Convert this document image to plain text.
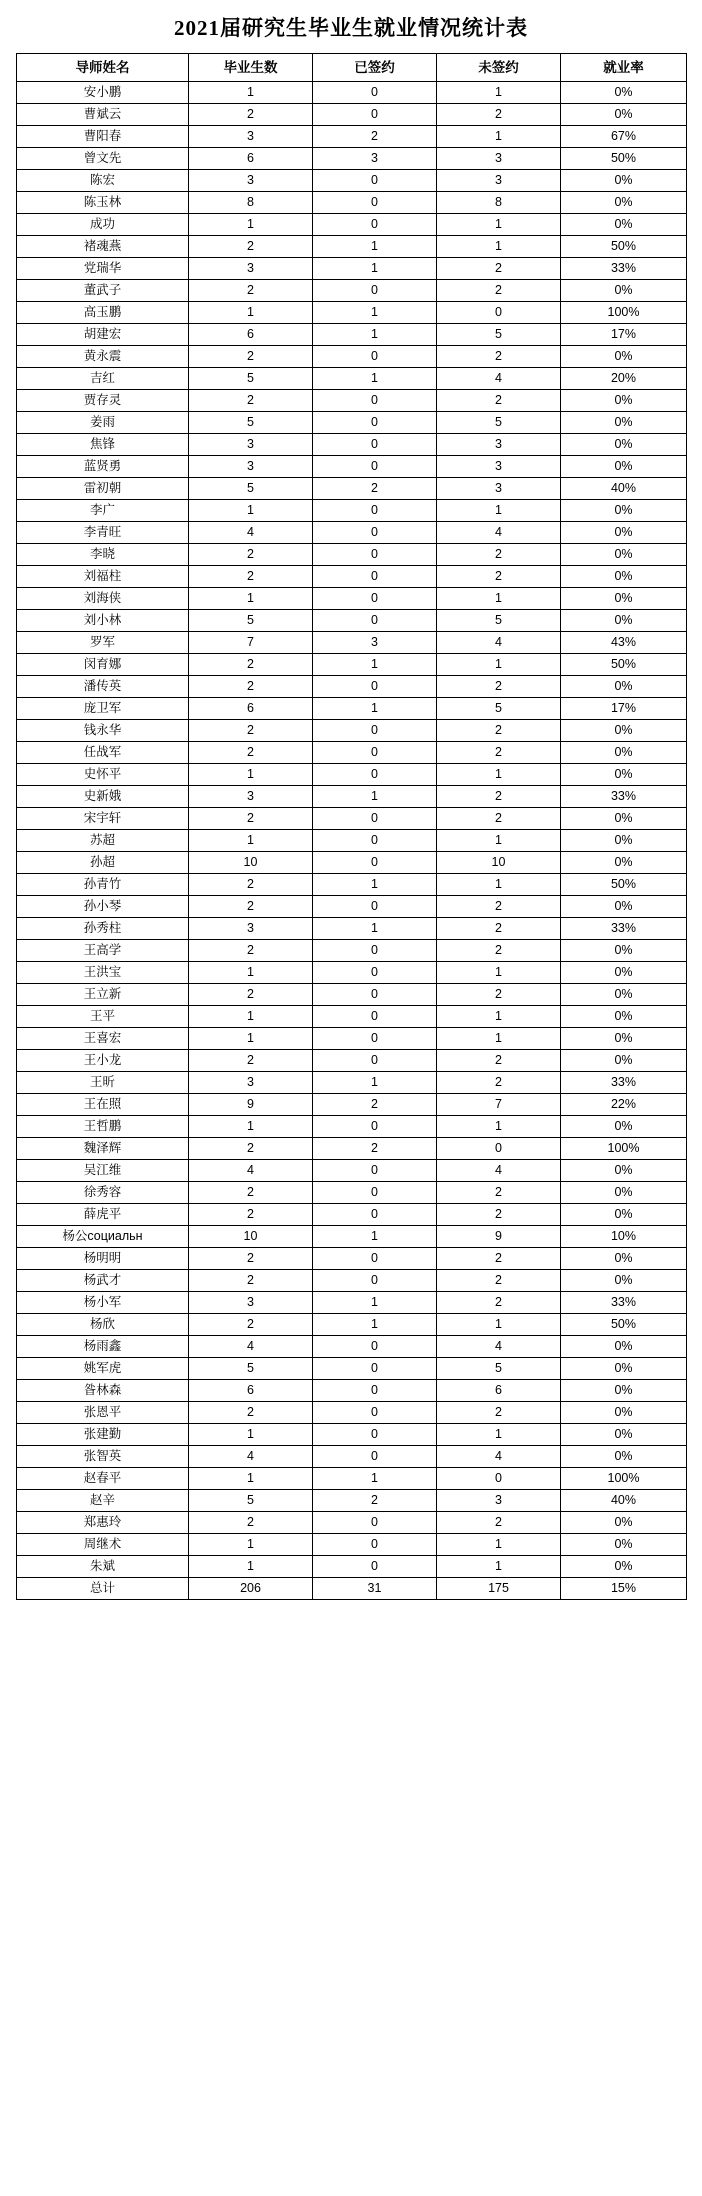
2021届研究生毕业生就业情况统计表
导师姓名	毕业生数	已签约	未签约	就业率
安小鹏	1	0	1	0%
曹斌云	2	0	2	0%
曹阳春	3	2	1	67%
曾文先	6	3	3	50%
陈宏	3	0	3	0%
陈玉林	8	0	8	0%
成功	1	0	1	0%
褚魂燕	2	1	1	50%
党瑞华	3	1	2	33%
董武子	2	0	2	0%
高玉鹏	1	1	0	100%
胡建宏	6	1	5	17%
黄永震	2	0	2	0%
吉红	5	1	4	20%
贾存灵	2	0	2	0%
姜雨	5	0	5	0%
焦锋	3	0	3	0%
蓝贤勇	3	0	3	0%
雷初朝	5	2	3	40%
李广	1	0	1	0%
李青旺	4	0	4	0%
李晓	2	0	2	0%
刘福柱	2	0	2	0%
刘海侠	1	0	1	0%
刘小林	5	0	5	0%
罗军	7	3	4	43%
闵育娜	2	1	1	50%
潘传英	2	0	2	0%
庞卫军	6	1	5	17%
钱永华	2	0	2	0%
任战军	2	0	2	0%
史怀平	1	0	1	0%
史新娥	3	1	2	33%
宋宇轩	2	0	2	0%
苏超	1	0	1	0%
孙超	10	0	10	0%
孙青竹	2	1	1	50%
孙小琴	2	0	2	0%
孙秀柱	3	1	2	33%
王高学	2	0	2	0%
王洪宝	1	0	1	0%
王立新	2	0	2	0%
王平	1	0	1	0%
王喜宏	1	0	1	0%
王小龙	2	0	2	0%
王昕	3	1	2	33%
王在照	9	2	7	22%
王哲鹏	1	0	1	0%
魏泽辉	2	2	0	100%
吴江维	4	0	4	0%
徐秀容	2	0	2	0%
薛虎平	2	0	2	0%
杨公социальн	10	1	9	10%
杨明明	2	0	2	0%
杨武才	2	0	2	0%
杨小军	3	1	2	33%
杨欣	2	1	1	50%
杨雨鑫	4	0	4	0%
姚军虎	5	0	5	0%
昝林森	6	0	6	0%
张恩平	2	0	2	0%
张建勤	1	0	1	0%
张智英	4	0	4	0%
赵春平	1	1	0	100%
赵辛	5	2	3	40%
郑惠玲	2	0	2	0%
周继术	1	0	1	0%
朱斌	1	0	1	0%
总计	206	31	175	15%
